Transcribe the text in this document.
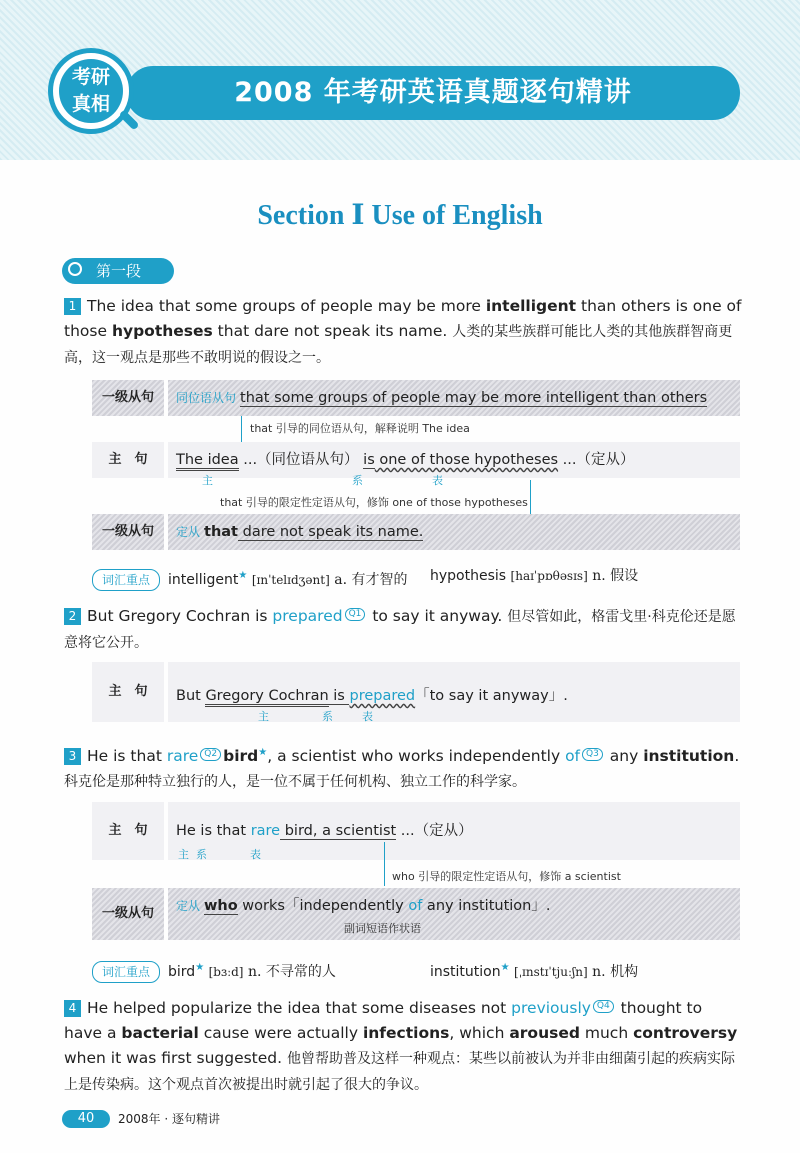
2008 年考研英语真题逐句精讲
考研
真相
Section Ⅰ Use of English
第一段
1 The idea that some groups of people may be more intelligent than others is one of those hypotheses that dare not speak its name. 人类的某些族群可能比人类的其他族群智商更高，这一观点是那些不敢明说的假设之一。
一级从句	同位语从句 that some groups of people may be more intelligent than others
that 引导的同位语从句，解释说明 The idea
主　句	The idea ...（同位语从句） is one of those hypotheses ...（定从）
主	系	表
that 引导的限定性定语从句，修饰 one of those hypotheses
一级从句	定从 that dare not speak its name.
词汇重点 intelligent★ [ɪnˈtelɪdʒənt] a. 有才智的 hypothesis [haɪˈpɒθəsɪs] n. 假设
2 But Gregory Cochran is prepared Q1 to say it anyway. 但尽管如此，格雷戈里·科克伦还是愿意将它公开。
主　句	But Gregory Cochran is prepared「to say it anyway」.
主	系	表
3 He is that rare Q2 bird★, a scientist who works independently of Q3 any institution. 科克伦是那种特立独行的人，是一位不属于任何机构、独立工作的科学家。
主　句	He is that rare bird, a scientist ...（定从）
主 系	表
who 引导的限定性定语从句，修饰 a scientist
一级从句	定从 who works「independently of any institution」.
副词短语作状语
词汇重点 bird★ [bɜːd] n. 不寻常的人	institution★ [ˌɪnstɪˈtjuːʃn] n. 机构
4 He helped popularize the idea that some diseases not previously Q4 thought to have a bacterial cause were actually infections, which aroused much controversy when it was first suggested. 他曾帮助普及这样一种观点：某些以前被认为并非由细菌引起的疾病实际上是传染病。这个观点首次被提出时就引起了很大的争议。
40	2008年 · 逐句精讲
